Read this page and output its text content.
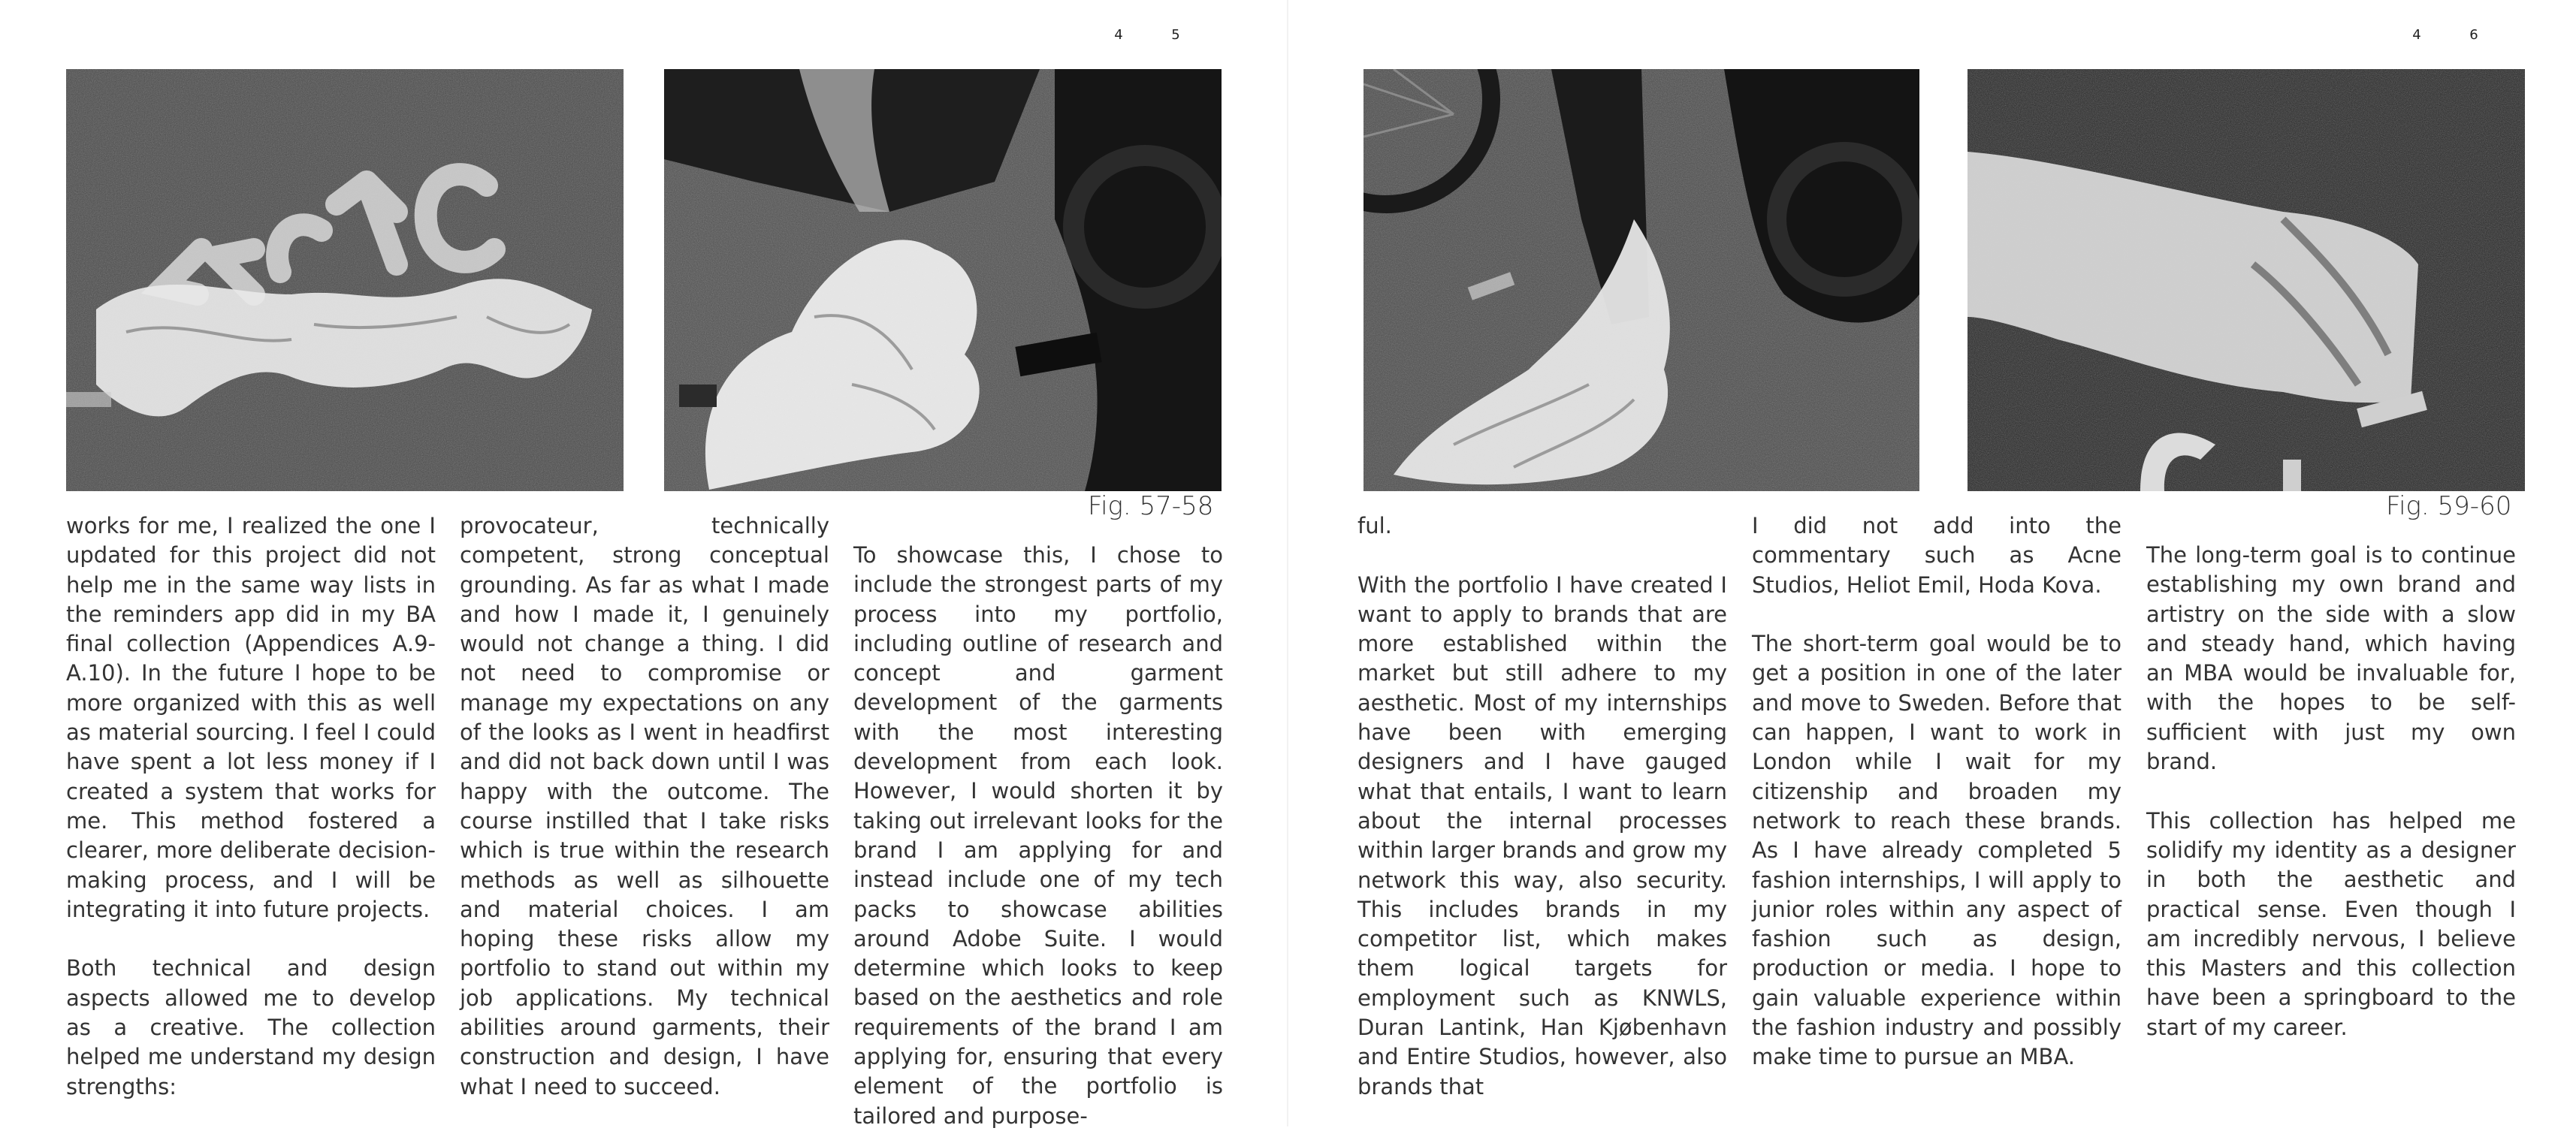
4	5
Fig. 57-58

works for me, I realized the one I updated for this project did not help me in the same way lists in the reminders app did in my BA final collection (Appendices A.9-A.10). In the future I hope to be more organized with this as well as material sourcing. I feel I could have spent a lot less money if I created a system that works for me. This method fostered a clearer, more deliberate decision-making process, and I will be integrating it into future projects.

Both technical and design aspects allowed me to develop as a creative. The collection helped me understand my design strengths:

provocateur, technically competent, strong conceptual grounding. As far as what I made and how I made it, I genuinely would not change a thing. I did not need to compromise or manage my expectations on any of the looks as I went in headfirst and did not back down until I was happy with the outcome. The course instilled that I take risks which is true within the research methods as well as silhouette and material choices. I am hoping these risks allow my portfolio to stand out within my job applications. My technical abilities around garments, their construction and design, I have what I need to succeed.

To showcase this, I chose to include the strongest parts of my process into my portfolio, including outline of research and concept and garment development of the garments with the most interesting development from each look. However, I would shorten it by taking out irrelevant looks for the brand I am applying for and instead include one of my tech packs to showcase abilities around Adobe Suite. I would determine which looks to keep based on the aesthetics and role requirements of the brand I am applying for, ensuring that every element of the portfolio is tailored and purpose-

4	6
Fig. 59-60

ful.

With the portfolio I have created I want to apply to brands that are more established within the market but still adhere to my aesthetic. Most of my internships have been with emerging designers and I have gauged what that entails, I want to learn about the internal processes within larger brands and grow my network this way, also security. This includes brands in my competitor list, which makes them logical targets for employment such as KNWLS, Duran Lantink, Han Kjøbenhavn and Entire Studios, however, also brands that

I did not add into the commentary such as Acne Studios, Heliot Emil, Hoda Kova.

The short-term goal would be to get a position in one of the later and move to Sweden. Before that can happen, I want to work in London while I wait for my citizenship and broaden my network to reach these brands. As I have already completed 5 fashion internships, I will apply to junior roles within any aspect of fashion such as design, production or media. I hope to gain valuable experience within the fashion industry and possibly make time to pursue an MBA.

The long-term goal is to continue establishing my own brand and artistry on the side with a slow and steady hand, which having an MBA would be invaluable for, with the hopes to be self-sufficient with just my own brand.

This collection has helped me solidify my identity as a designer in both the aesthetic and practical sense. Even though I am incredibly nervous, I believe this Masters and this collection have been a springboard to the start of my career.
